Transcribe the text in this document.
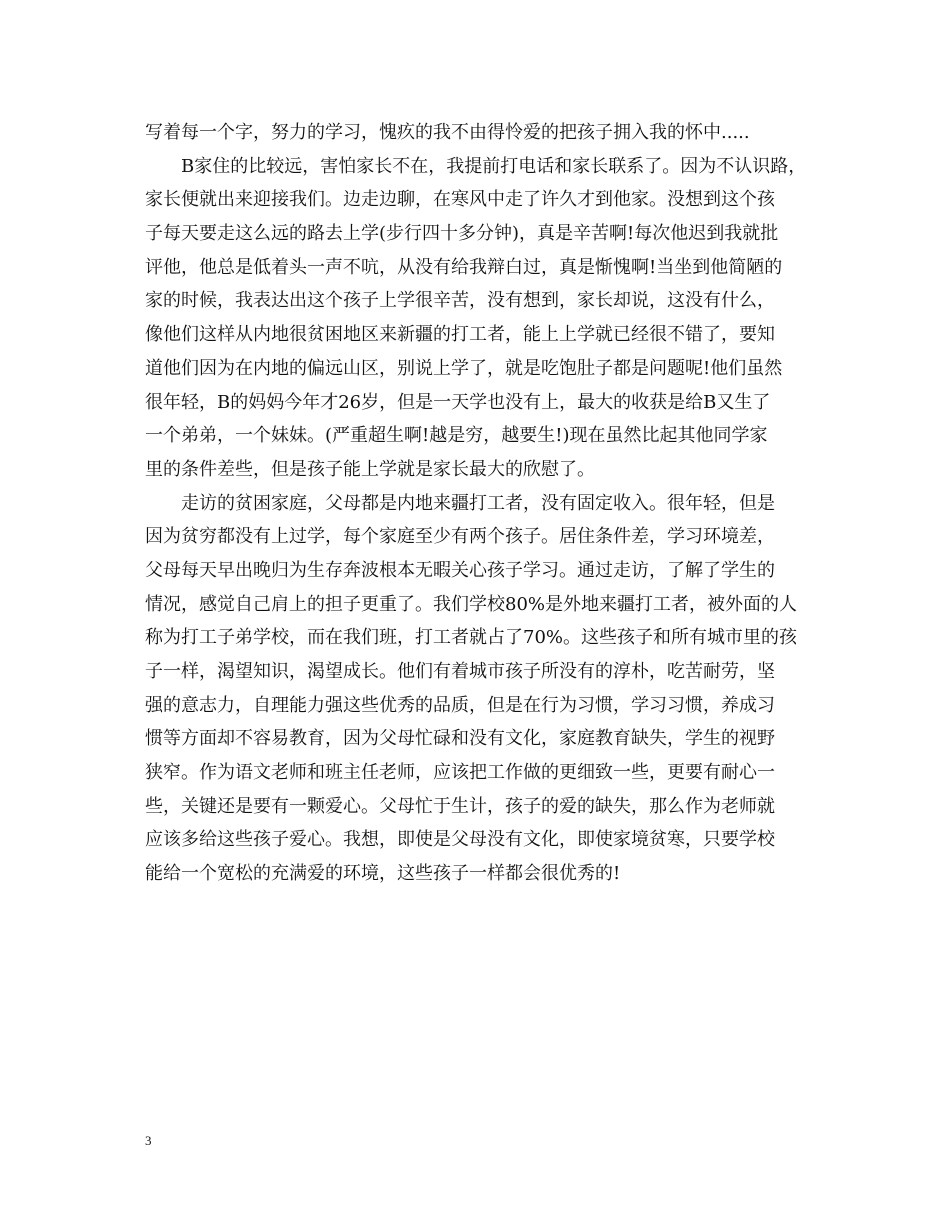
写着每一个字，努力的学习，愧疚的我不由得怜爱的把孩子拥入我的怀中.....
　　B家住的比较远，害怕家长不在，我提前打电话和家长联系了。因为不认识路，
家长便就出来迎接我们。边走边聊，在寒风中走了许久才到他家。没想到这个孩
子每天要走这么远的路去上学(步行四十多分钟)，真是辛苦啊!每次他迟到我就批
评他，他总是低着头一声不吭，从没有给我辩白过，真是惭愧啊!当坐到他简陋的
家的时候，我表达出这个孩子上学很辛苦，没有想到，家长却说，这没有什么，
像他们这样从内地很贫困地区来新疆的打工者，能上上学就已经很不错了，要知
道他们因为在内地的偏远山区，别说上学了，就是吃饱肚子都是问题呢!他们虽然
很年轻，B的妈妈今年才26岁，但是一天学也没有上，最大的收获是给B又生了
一个弟弟，一个妹妹。(严重超生啊!越是穷，越要生!)现在虽然比起其他同学家
里的条件差些，但是孩子能上学就是家长最大的欣慰了。
　　走访的贫困家庭，父母都是内地来疆打工者，没有固定收入。很年轻，但是
因为贫穷都没有上过学，每个家庭至少有两个孩子。居住条件差，学习环境差，
父母每天早出晚归为生存奔波根本无暇关心孩子学习。通过走访，了解了学生的
情况，感觉自己肩上的担子更重了。我们学校80%是外地来疆打工者，被外面的人
称为打工子弟学校，而在我们班，打工者就占了70%。这些孩子和所有城市里的孩
子一样，渴望知识，渴望成长。他们有着城市孩子所没有的淳朴，吃苦耐劳，坚
强的意志力，自理能力强这些优秀的品质，但是在行为习惯，学习习惯，养成习
惯等方面却不容易教育，因为父母忙碌和没有文化，家庭教育缺失，学生的视野
狭窄。作为语文老师和班主任老师，应该把工作做的更细致一些，更要有耐心一
些，关键还是要有一颗爱心。父母忙于生计，孩子的爱的缺失，那么作为老师就
应该多给这些孩子爱心。我想，即使是父母没有文化，即使家境贫寒，只要学校
能给一个宽松的充满爱的环境，这些孩子一样都会很优秀的!
3
